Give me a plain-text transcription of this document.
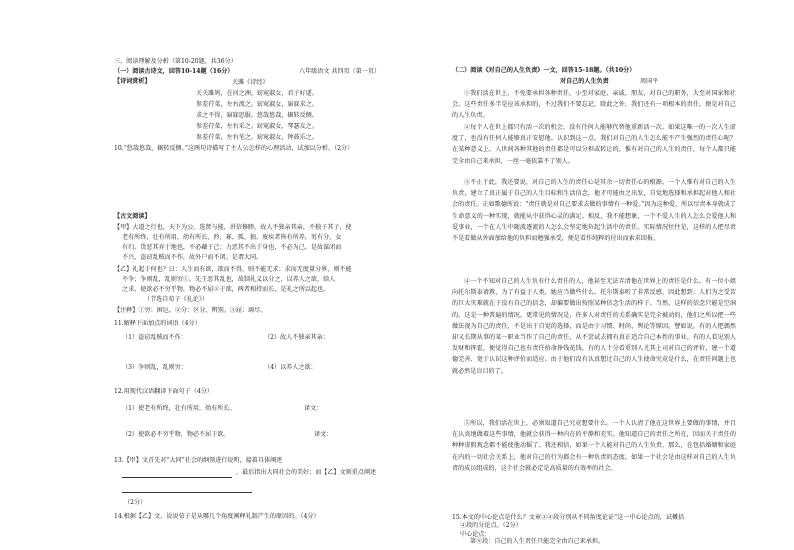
三、阅读理解及分析（第10-20题，共36分）
（一）阅读古诗文，回答10-14题（16分）	八年级语文 共四页（第一页）
【诗词赏析】	关雎《诗经》
关关雎鸠，在河之洲。窈窕淑女，君子好逑。
参差荇菜，左右流之。窈窕淑女，寤寐求之。
求之不得，寤寐思服。悠哉悠哉，辗转反侧。
参差荇菜，左右采之。窈窕淑女，琴瑟友之。
参差荇菜，左右芼之。窈窕淑女，钟鼓乐之。
10.“悠哉悠哉，辗转反侧。”这两句诗描写了主人公怎样的心理活动，试加以分析。（2分）
【古文阅读】
【甲】大道之行也，天下为公。选贤与能，讲信修睦。故人不独亲其亲，不独子其子，使
老有所终，壮有所用，幼有所长，矜、寡、孤、独、废疾者皆有所养，男有分，女
有归。货恶其弃于地也，不必藏于己；力恶其不出于身也，不必为己。是故谋闭而
不兴，盗窃乱贼而不作，故外户而不闭。是谓大同。
【乙】礼起于何也？曰：人生而有欲，欲而不得，则不能无求；求而无度量分界，则不能
不争；争则乱，乱则穷①。先王恶其乱也，故制礼义以分之，以养人之欲，给人
之求，使欲必不穷乎物，物必不屈②于欲，两者相持而长，是礼之所以起也。
（节选自荀子《礼论》）
【注释】①穷：困厄。②分：区分、辨别。③屈：竭尽。
11.解释下面加点的词语（4分）
（1）盗窃乱贼而不作：	（2）故人不独亲其亲：
（3）争则乱，乱则穷：	（4）以养人之欲：
12.用现代汉语翻译下面句子（4分）
（1）使老有所终，壮有所用，幼有所长。	译文：
（2）使欲必不穷乎物，物必不屈于欲。	译文：
13.【甲】文首先对“大同”社会的纲领进行说明，接着具体阐述
，最后指出大同社会的美好；而【乙】文则重点阐述
（2分）
14.根据【乙】文，说说荀子是从哪几个角度阐释礼制产生的原因的。（4分）
（二）阅读《对自己的人生负责》一文，回答15-18题。（共10分）
对自己的人生负责	周国平
①我们活在世上，不免要承担各种责任，小至对家庭、亲戚、朋友，对自己的职务，大至对国家和社会。这些责任多半是应该承担的，不过我们不要忘记，除此之外，我们还有一项根本的责任，便是对自己的人生负责。
②每个人在世上都只有活一次的机会，没有任何人能够代替他重新活一次。如果这唯一的一次人生虚度了，也没有任何人能够真正安慰他。认识到这一点，我们对自己的人生怎么能不产生强烈的责任心呢？在某种意义上，人世间各种其他的责任都是可以分担或转让的，惟有对自己的人生的责任，每个人都只能完全由自己来承担，一丝一毫依靠不了别人。
③不止于此，我还要说，对自己的人生的责任心是其余一切责任心的根源。一个人惟有对自己的人生负责，建立了真正属于自己的人生目标和生活信念，他才可能由之出发，自觉地选择和承担起对他人和社会的责任。正如歌德所说：“责任就是对自己要求去做的事情有一种爱。”因为这种爱，所以尽责本身就成了生命意义的一种实现，就能从中获得心灵的满足。相反，我不能想象，一个不爱人生的人怎么会爱他人和爱事业，一个在人生中随波逐流的人怎么会坚定地负起生活中的责任。实际情况往往是，这样的人把尽责不是看做从外面加给他的负担而勉强承受，便是看作纯粹的付出而索求回报。
④一个不知对自己的人生负有什么责任的人，他甚至无法弄清他在世界上的责任是什么。有一位小姐向托尔斯泰请教，为了有益于人类，她应当做些什么。托尔斯泰听了非常反感，因此想到：人们为之受苦的巨大灾难就在于没有自己的信念，却偏要做出按照某种信念生活的样子。当然，这样的信念只能是空洞的。这是一种普遍的情况。更常见的情况是，许多人对责任的关系确实是完全被动的，他们之所以把一些做法视为自己的责任，不是出于自觉的选择，而是由于习惯、时尚、舆论等原因。譬如说，有的人把偶然却又长期从事的某一职业当作了自己的责任，从不尝试去拥有真正适合自己本性的事业。有的人看见别人发财和挥霍，便觉得自己也有责任拚命挣钱花钱。有的人十分看重别人尤其上司对自己的评价，建一个道德完善、宽于认识这种评价而适应。由于他们没有认真想过自己的人生使命究竟是什么，在责任问题上也就必然是盲目的了。
⑤所以，我们活在世上，必须知道自己究竟想要什么。一个人认清了他在这世界上要做的事情，并且在认真地做着这些事情，他就会获得一种内在的平静和充实。他知道自己的责任之所在，因而关于责任的种种虚假观念都不能使他动摇了。我还相信，如果一个人能对自己的人生负责，那么，在包括婚姻和家庭在内的一切社会关系上，他对自己的行为都会有一种负责的态度。如果一个社会是由这样对自己的人生负责的成员组成的，这个社会就必定是高质量的有效率的社会。
15.本文的中心论点是什么？文章③④段分别从不同角度论证“这一中心论点的，试概括
④段的分论点。（2分）
中心论点：
第⑥段：自己的人生责任只能完全由自己来承担。
